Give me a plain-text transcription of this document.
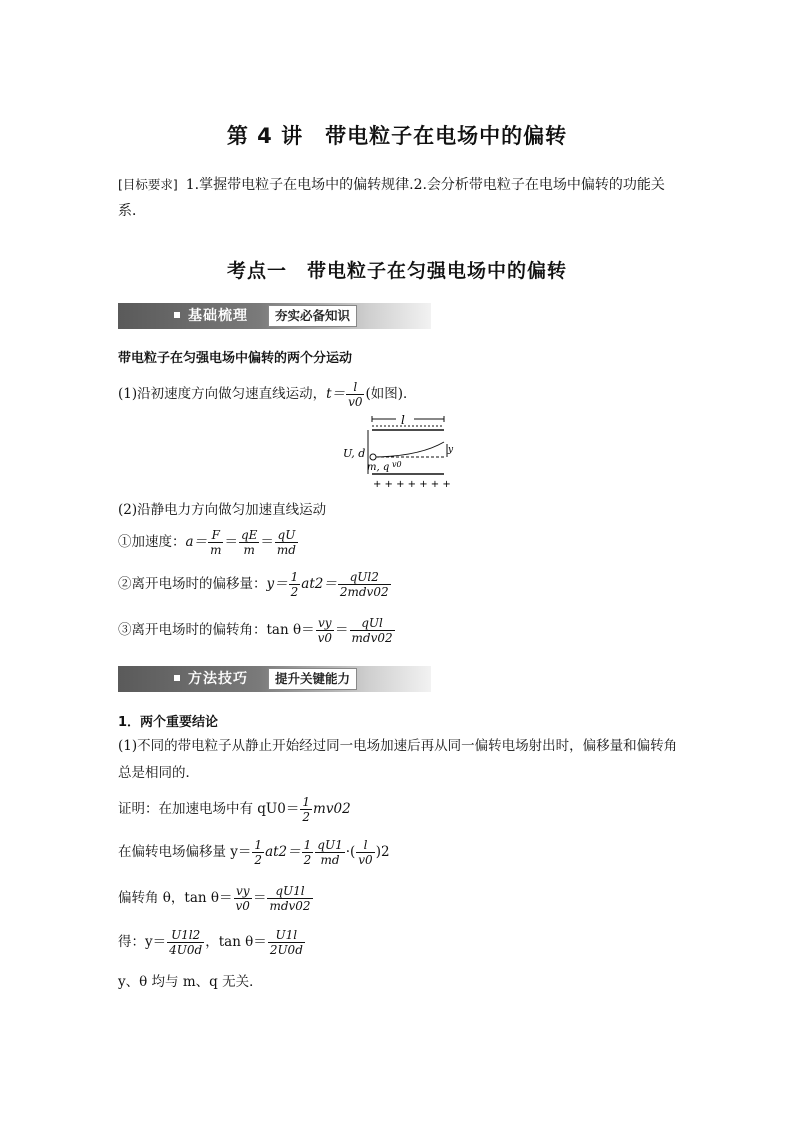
第 4 讲　带电粒子在电场中的偏转
[目标要求] 1.掌握带电粒子在电场中的偏转规律.2.会分析带电粒子在电场中偏转的功能关系．
考点一　带电粒子在匀强电场中的偏转
基础梳理	夯实必备知识
带电粒子在匀强电场中偏转的两个分运动
(1)沿初速度方向做匀速直线运动，$t= \frac{l}{v0}$ (如图)．
l
U, d
m, q v0
y
+ + + + + + +
(2)沿静电力方向做匀加速直线运动
①加速度：$a= \frac{F}{m} = \frac{qE}{m} = \frac{qU}{md}$
②离开电场时的偏移量：$y= \frac{1}{2} at2= \frac{\text{qUl2}}{\text{2mdv02}}$
③离开电场时的偏转角：$\tan \theta= \frac{vy}{v0} = \frac{\text{qUl}}{\text{mdv02}}$
方法技巧	提升关键能力
1．两个重要结论
(1)不同的带电粒子从静止开始经过同一电场加速后再从同一偏转电场射出时，偏移量和偏转角总是相同的．
证明：在加速电场中有 $qU0= \frac{1}{2} mv02$
在偏转电场偏移量 $y= \frac{1}{2} at2= \frac{1}{2} \frac{qU1}{md}$ ·( $\frac{l}{v0} )2$
偏转角 θ，$\tan \theta= \frac{vy}{v0} = \frac{qU1l}{\text{mdv02}}$
得：$y= \frac{U1l2}{4U0d}$ ，$\tan \theta= \frac{U1l}{2U0d}$
y、θ 均与 m、q 无关．
